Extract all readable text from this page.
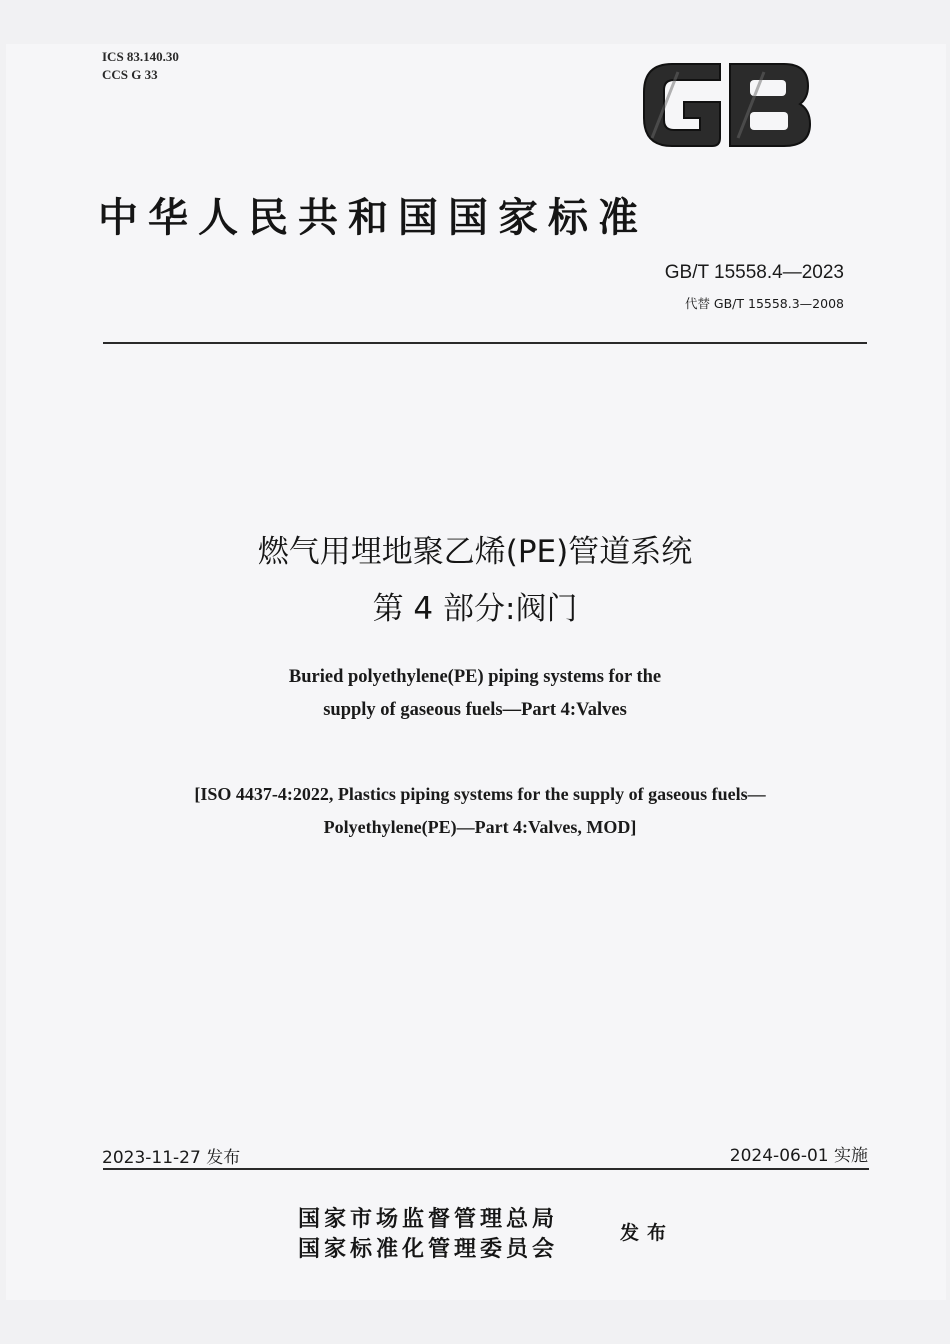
ICS 83.140.30
CCS G 33
中华人民共和国国家标准
GB/T 15558.4—2023
代替 GB/T 15558.3—2008
燃气用埋地聚乙烯(PE)管道系统
第 4 部分:阀门
Buried polyethylene(PE) piping systems for the
supply of gaseous fuels—Part 4:Valves
[ISO 4437-4:2022, Plastics piping systems for the supply of gaseous fuels—
Polyethylene(PE)—Part 4:Valves, MOD]
2023-11-27 发布	2024-06-01 实施
国家市场监督管理总局
国家标准化管理委员会
发布
